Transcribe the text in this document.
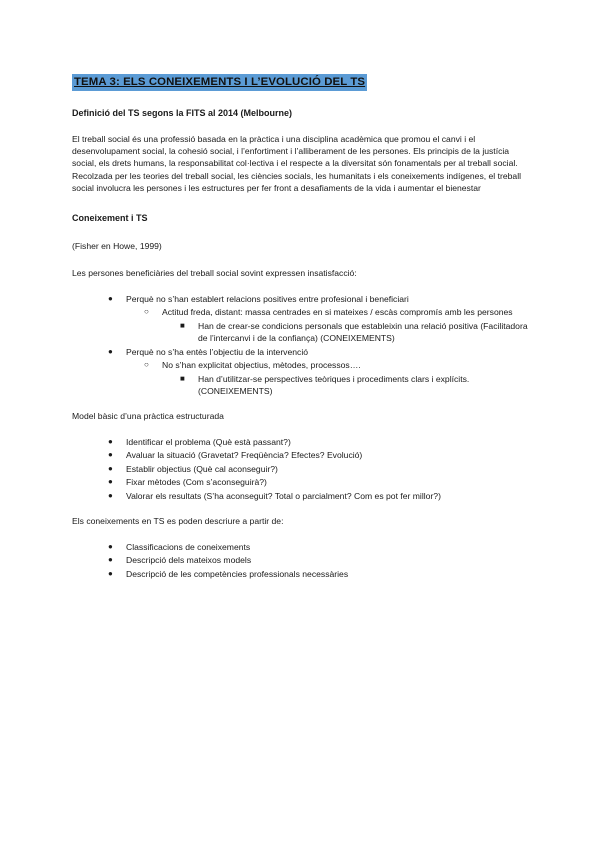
TEMA 3: ELS CONEIXEMENTS I L’EVOLUCIÓ DEL TS

Definició del TS segons la FITS al 2014 (Melbourne)

El treball social és una professió basada en la pràctica i una disciplina acadèmica que promou el canvi i el desenvolupament social, la cohesió social, i l’enfortiment i l’alliberament de les persones. Els principis de la justícia social, els drets humans, la responsabilitat col·lectiva i el respecte a la diversitat són fonamentals per al treball social. Recolzada per les teories del treball social, les ciències socials, les humanitats i els coneixements indígenes, el treball social involucra les persones i les estructures per fer front a desafiaments de la vida i aumentar el bienestar

Coneixement i TS

(Fisher en Howe, 1999)

Les persones beneficiàries del treball social sovint expressen insatisfacció:

● Perquè no s’han establert relacions positives entre profesional i beneficiari
○ Actitud freda, distant: massa centrades en si mateixes / escàs compromís amb les persones
■ Han de crear-se condicions personals que estableixin una relació positiva (Facilitadora de l’intercanvi i de la confiança) (CONEIXEMENTS)
● Perquè no s’ha entès l’objectiu de la intervenció
○ No s’han explicitat objectius, mètodes, processos….
■ Han d’utilitzar-se perspectives teòriques i procediments clars i explícits. (CONEIXEMENTS)

Model bàsic d’una pràctica estructurada

● Identificar el problema (Què està passant?)
● Avaluar la situació (Gravetat? Freqüència? Efectes? Evolució)
● Establir objectius (Què cal aconseguir?)
● Fixar mètodes (Com s’aconseguirà?)
● Valorar els resultats (S’ha aconseguit? Total o parcialment? Com es pot fer millor?)

Els coneixements en TS es poden descriure a partir de:

● Classificacions de coneixements
● Descripció dels mateixos models
● Descripció de les competències professionals necessàries
